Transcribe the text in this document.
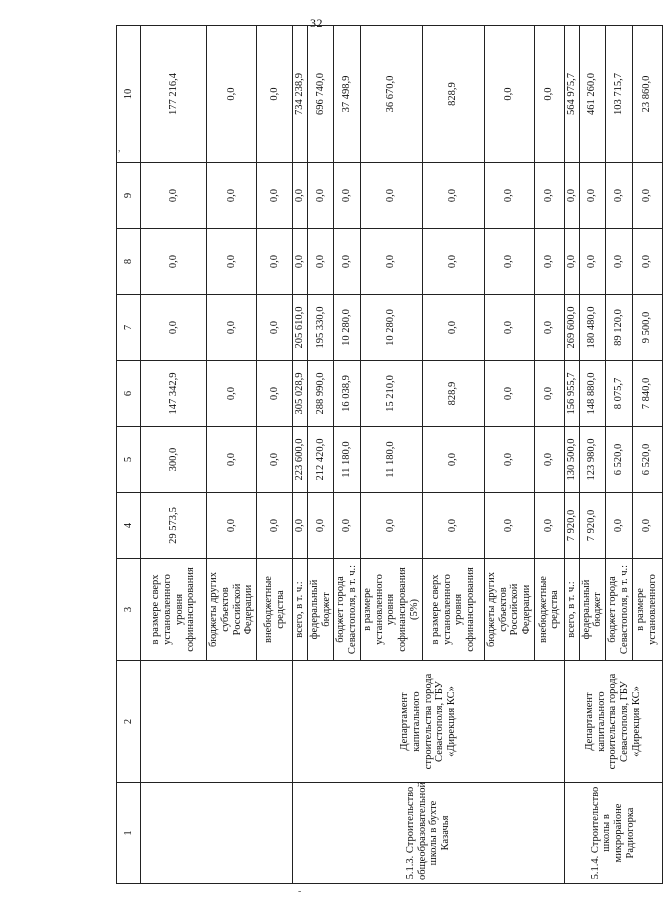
32
,
-
1	2	3	4	5	6	7	8	9	10
		в размере сверх установленного уровня софинансирования	29 573,5	300,0	147 342,9	0,0	0,0	0,0	177 216,4
		бюджеты других субъектов Российской Федерации	0,0	0,0	0,0	0,0	0,0	0,0	0,0
		внебюджетные средства	0,0	0,0	0,0	0,0	0,0	0,0	0,0
5.1.3. Строительство общеобразовательной школы в бухте Казачья	Департамент капитального строительства города Севастополя, ГБУ «Дирекция КС»	всего, в т. ч.:	0,0	223 600,0	305 028,9	205 610,0	0,0	0,0	734 238,9
		федеральный бюджет	0,0	212 420,0	288 990,0	195 330,0	0,0	0,0	696 740,0
		бюджет города Севастополя, в т. ч.:	0,0	11 180,0	16 038,9	10 280,0	0,0	0,0	37 498,9
		в размере установленного уровня софинансирования (5%)	0,0	11 180,0	15 210,0	10 280,0	0,0	0,0	36 670,0
		в размере сверх установленного уровня софинансирования	0,0	0,0	828,9	0,0	0,0	0,0	828,9
		бюджеты других субъектов Российской Федерации	0,0	0,0	0,0	0,0	0,0	0,0	0,0
		внебюджетные средства	0,0	0,0	0,0	0,0	0,0	0,0	0,0
5.1.4. Строительство школы в микрорайоне Радиогорка	Департамент капитального строительства города Севастополя, ГБУ «Дирекция КС»	всего, в т. ч.:	7 920,0	130 500,0	156 955,7	269 600,0	0,0	0,0	564 975,7
		федеральный бюджет	7 920,0	123 980,0	148 880,0	180 480,0	0,0	0,0	461 260,0
		бюджет города Севастополя, в т. ч.:	0,0	6 520,0	8 075,7	89 120,0	0,0	0,0	103 715,7
		в размере установленного	0,0	6 520,0	7 840,0	9 500,0	0,0	0,0	23 860,0
